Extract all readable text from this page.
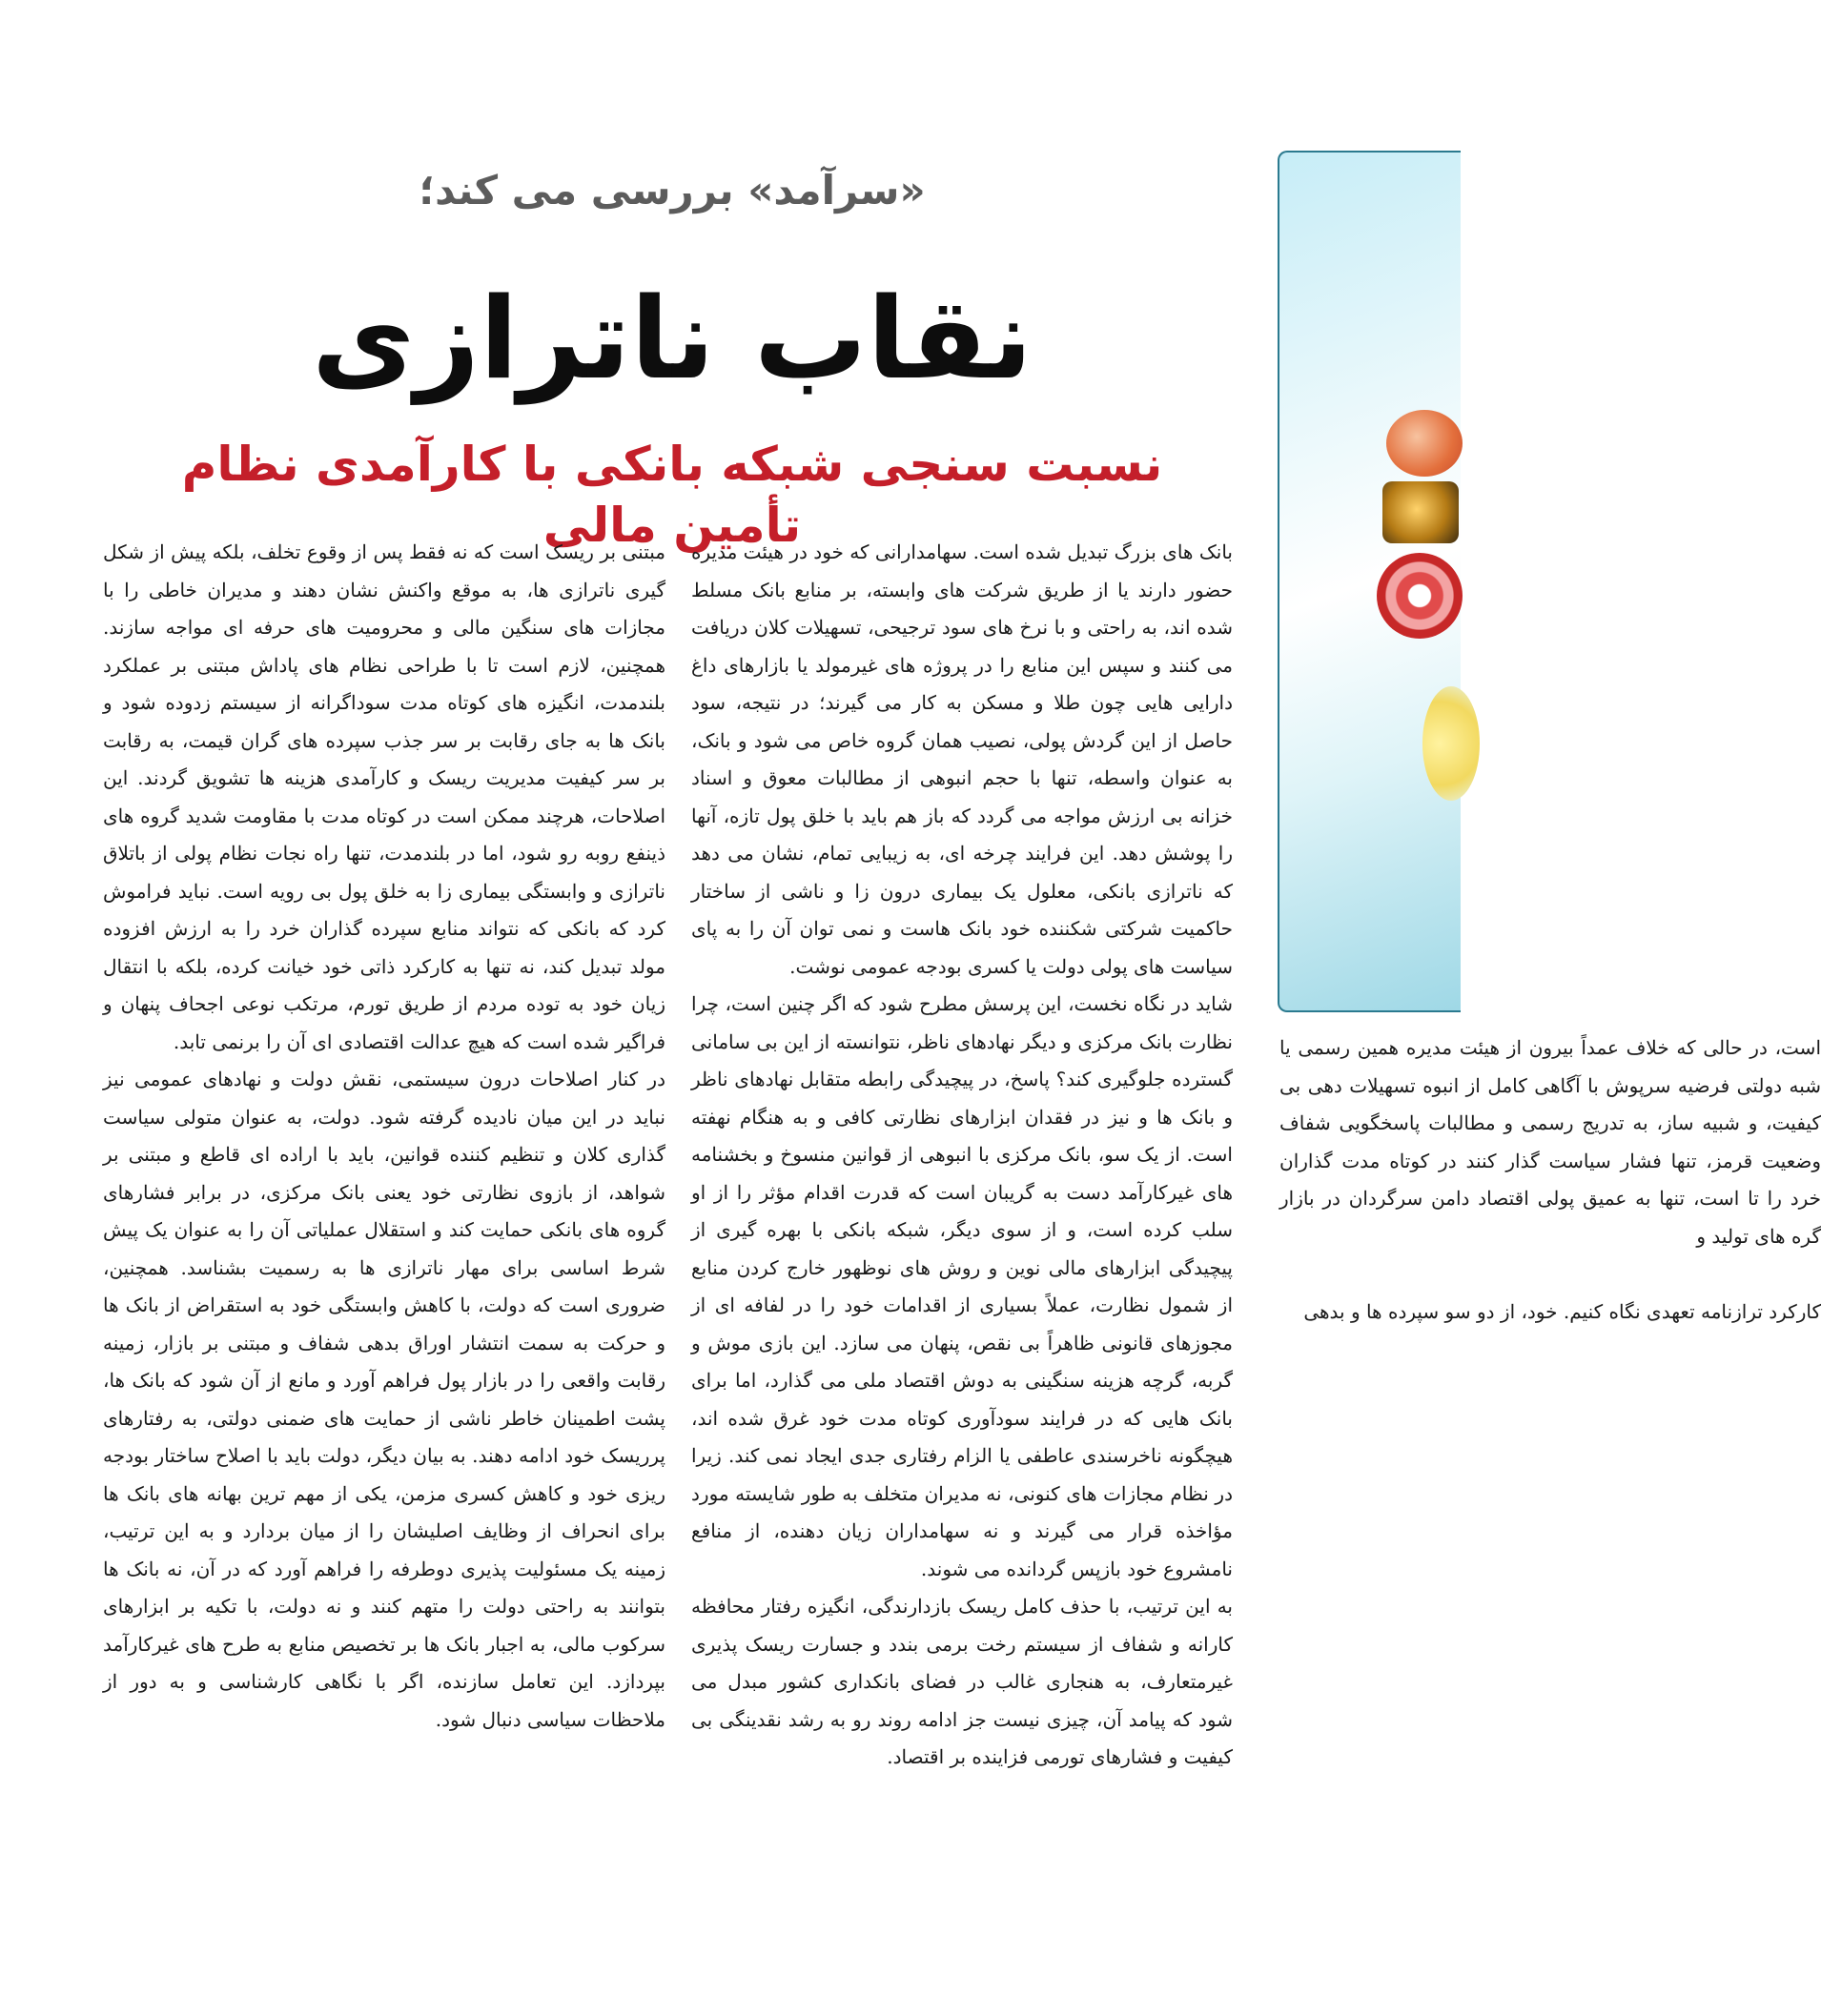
«سرآمد» بررسی می کند؛
نقاب ناترازی
نسبت سنجی شبکه بانکی با کارآمدی نظام تأمین مالی

بانک های بزرگ تبدیل شده است. سهامدارانی که خود در هیئت مدیره حضور دارند یا از طریق شرکت های وابسته، بر منابع بانک مسلط شده اند، به راحتی و با نرخ های سود ترجیحی، تسهیلات کلان دریافت می کنند و سپس این منابع را در پروژه های غیرمولد یا بازارهای داغ دارایی هایی چون طلا و مسکن به کار می گیرند؛ در نتیجه، سود حاصل از این گردش پولی، نصیب همان گروه خاص می شود و بانک، به عنوان واسطه، تنها با حجم انبوهی از مطالبات معوق و اسناد خزانه بی ارزش مواجه می گردد که باز هم باید با خلق پول تازه، آنها را پوشش دهد. این فرایند چرخه ای، به زیبایی تمام، نشان می دهد که ناترازی بانکی، معلول یک بیماری درون زا و ناشی از ساختار حاکمیت شرکتی شکننده خود بانک هاست و نمی توان آن را به پای سیاست های پولی دولت یا کسری بودجه عمومی نوشت.

شاید در نگاه نخست، این پرسش مطرح شود که اگر چنین است، چرا نظارت بانک مرکزی و دیگر نهادهای ناظر، نتوانسته از این بی سامانی گسترده جلوگیری کند؟ پاسخ، در پیچیدگی رابطه متقابل نهادهای ناظر و بانک ها و نیز در فقدان ابزارهای نظارتی کافی و به هنگام نهفته است. از یک سو، بانک مرکزی با انبوهی از قوانین منسوخ و بخشنامه های غیرکارآمد دست به گریبان است که قدرت اقدام مؤثر را از او سلب کرده است، و از سوی دیگر، شبکه بانکی با بهره گیری از پیچیدگی ابزارهای مالی نوین و روش های نوظهور خارج کردن منابع از شمول نظارت، عملاً بسیاری از اقدامات خود را در لفافه ای از مجوزهای قانونی ظاهراً بی نقص، پنهان می سازد. این بازی موش و گربه، گرچه هزینه سنگینی به دوش اقتصاد ملی می گذارد، اما برای بانک هایی که در فرایند سودآوری کوتاه مدت خود غرق شده اند، هیچگونه ناخرسندی عاطفی یا الزام رفتاری جدی ایجاد نمی کند. زیرا در نظام مجازات های کنونی، نه مدیران متخلف به طور شایسته مورد مؤاخذه قرار می گیرند و نه سهامداران زیان دهنده، از منافع نامشروع خود بازپس گردانده می شوند.

به این ترتیب، با حذف کامل ریسک بازدارندگی، انگیزه رفتار محافظه کارانه و شفاف از سیستم رخت برمی بندد و جسارت ریسک پذیری غیرمتعارف، به هنجاری غالب در فضای بانکداری کشور مبدل می شود که پیامد آن، چیزی نیست جز ادامه روند رو به رشد نقدینگی بی کیفیت و فشارهای تورمی فزاینده بر اقتصاد.

مبتنی بر ریسک است که نه فقط پس از وقوع تخلف، بلکه پیش از شکل گیری ناترازی ها، به موقع واکنش نشان دهند و مدیران خاطی را با مجازات های سنگین مالی و محرومیت های حرفه ای مواجه سازند. همچنین، لازم است تا با طراحی نظام های پاداش مبتنی بر عملکرد بلندمدت، انگیزه های کوتاه مدت سوداگرانه از سیستم زدوده شود و بانک ها به جای رقابت بر سر جذب سپرده های گران قیمت، به رقابت بر سر کیفیت مدیریت ریسک و کارآمدی هزینه ها تشویق گردند. این اصلاحات، هرچند ممکن است در کوتاه مدت با مقاومت شدید گروه های ذینفع روبه رو شود، اما در بلندمدت، تنها راه نجات نظام پولی از باتلاق ناترازی و وابستگی بیماری زا به خلق پول بی رویه است. نباید فراموش کرد که بانکی که نتواند منابع سپرده گذاران خرد را به ارزش افزوده مولد تبدیل کند، نه تنها به کارکرد ذاتی خود خیانت کرده، بلکه با انتقال زیان خود به توده مردم از طریق تورم، مرتکب نوعی اجحاف پنهان و فراگیر شده است که هیچ عدالت اقتصادی ای آن را برنمی تابد.

در کنار اصلاحات درون سیستمی، نقش دولت و نهادهای عمومی نیز نباید در این میان نادیده گرفته شود. دولت، به عنوان متولی سیاست گذاری کلان و تنظیم کننده قوانین، باید با اراده ای قاطع و مبتنی بر شواهد، از بازوی نظارتی خود یعنی بانک مرکزی، در برابر فشارهای گروه های بانکی حمایت کند و استقلال عملیاتی آن را به عنوان یک پیش شرط اساسی برای مهار ناترازی ها به رسمیت بشناسد. همچنین، ضروری است که دولت، با کاهش وابستگی خود به استقراض از بانک ها و حرکت به سمت انتشار اوراق بدهی شفاف و مبتنی بر بازار، زمینه رقابت واقعی را در بازار پول فراهم آورد و مانع از آن شود که بانک ها، پشت اطمینان خاطر ناشی از حمایت های ضمنی دولتی، به رفتارهای پرریسک خود ادامه دهند. به بیان دیگر، دولت باید با اصلاح ساختار بودجه ریزی خود و کاهش کسری مزمن، یکی از مهم ترین بهانه های بانک ها برای انحراف از وظایف اصلیشان را از میان بردارد و به این ترتیب، زمینه یک مسئولیت پذیری دوطرفه را فراهم آورد که در آن، نه بانک ها بتوانند به راحتی دولت را متهم کنند و نه دولت، با تکیه بر ابزارهای سرکوب مالی، به اجبار بانک ها بر تخصیص منابع به طرح های غیرکارآمد بپردازد. این تعامل سازنده، اگر با نگاهی کارشناسی و به دور از ملاحظات سیاسی دنبال شود.

است، در حالی که خلاف عمداً بیرون از هیئت مدیره همین رسمی یا شبه دولتی فرضیه سرپوش با آگاهی کامل از انبوه تسهیلات دهی بی کیفیت، و شبیه ساز، به تدریج رسمی و مطالبات پاسخگویی شفاف وضعیت قرمز، تنها فشار سیاست گذار کنند در کوتاه مدت گذاران خرد را تا است، تنها به عمیق پولی اقتصاد دامن سرگردان در بازار گره های تولید و

کارکرد ترازنامه تعهدی نگاه کنیم. خود، از دو سو سپرده ها و بدهی
